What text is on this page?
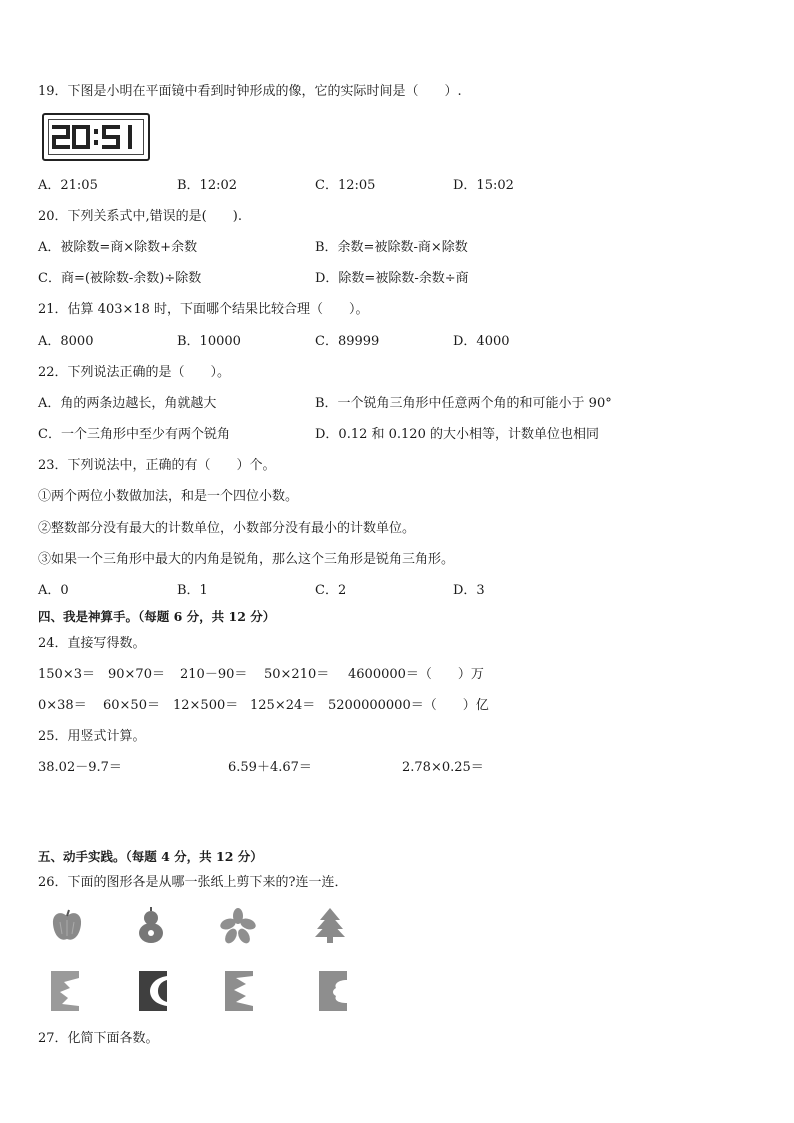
19．下图是小明在平面镜中看到时钟形成的像，它的实际时间是（　　）.
A．21:05	B．12:02	C．12:05	D．15:02
20．下列关系式中,错误的是(　　).
A．被除数=商×除数+余数	B．余数=被除数-商×除数
C．商=(被除数-余数)÷除数	D．除数=被除数-余数÷商
21．估算 403×18 时，下面哪个结果比较合理（　　）。
A．8000	B．10000	C．89999	D．4000
22．下列说法正确的是（　　）。
A．角的两条边越长，角就越大	B．一个锐角三角形中任意两个角的和可能小于 90°
C．一个三角形中至少有两个锐角	D．0.12 和 0.120 的大小相等，计数单位也相同
23．下列说法中，正确的有（　　）个。
①两个两位小数做加法，和是一个四位小数。
②整数部分没有最大的计数单位，小数部分没有最小的计数单位。
③如果一个三角形中最大的内角是锐角，那么这个三角形是锐角三角形。
A．0	B．1	C．2	D．3
四、我是神算手。（每题 6 分，共 12 分）
24．直接写得数。
150×3＝ 90×70＝ 210－90＝ 50×210＝ 4600000＝（　　）万
0×38＝ 60×50＝ 12×500＝ 125×24＝ 5200000000＝（　　）亿
25．用竖式计算。
38.02－9.7＝	6.59＋4.67＝	2.78×0.25＝
五、动手实践。（每题 4 分，共 12 分）
26．下面的图形各是从哪一张纸上剪下来的?连一连．
27．化简下面各数。
